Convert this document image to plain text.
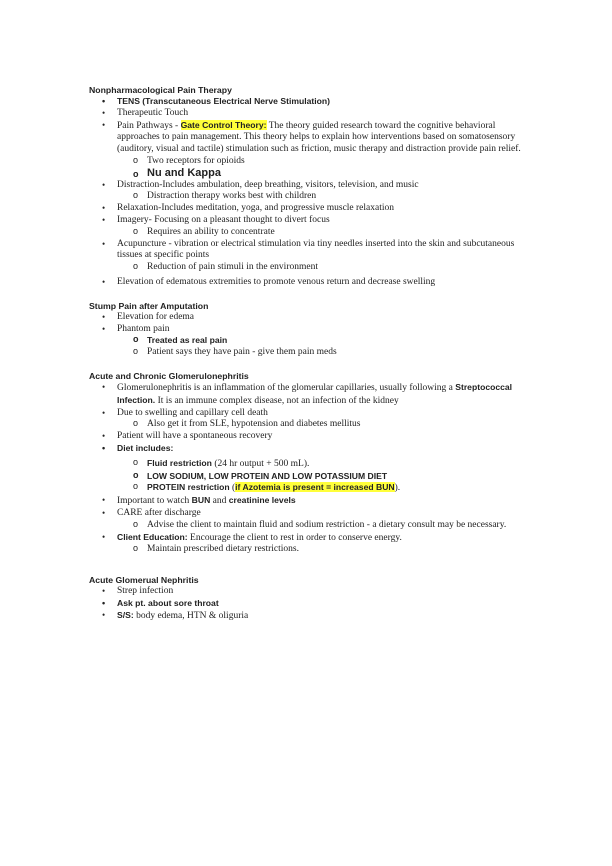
Nonpharmacological Pain Therapy

• TENS (Transcutaneous Electrical Nerve Stimulation)
• Therapeutic Touch
• Pain Pathways - Gate Control Theory: The theory guided research toward the cognitive behavioral approaches to pain management. This theory helps to explain how interventions based on somatosensory (auditory, visual and tactile) stimulation such as friction, music therapy and distraction provide pain relief.
o Two receptors for opioids
o Nu and Kappa
• Distraction-Includes ambulation, deep breathing, visitors, television, and music
o Distraction therapy works best with children
• Relaxation-Includes meditation, yoga, and progressive muscle relaxation
• Imagery- Focusing on a pleasant thought to divert focus
o Requires an ability to concentrate
• Acupuncture - vibration or electrical stimulation via tiny needles inserted into the skin and subcutaneous tissues at specific points
o Reduction of pain stimuli in the environment
• Elevation of edematous extremities to promote venous return and decrease swelling

Stump Pain after Amputation

• Elevation for edema
• Phantom pain
o Treated as real pain
o Patient says they have pain - give them pain meds

Acute and Chronic Glomerulonephritis

• Glomerulonephritis is an inflammation of the glomerular capillaries, usually following a Streptococcal Infection. It is an immune complex disease, not an infection of the kidney
• Due to swelling and capillary cell death
o Also get it from SLE, hypotension and diabetes mellitus
• Patient will have a spontaneous recovery
• Diet includes:
o Fluid restriction (24 hr output + 500 mL).
o LOW SODIUM, LOW PROTEIN AND LOW POTASSIUM DIET
o PROTEIN restriction (if Azotemia is present = increased BUN).
• Important to watch BUN and creatinine levels
• CARE after discharge
o Advise the client to maintain fluid and sodium restriction - a dietary consult may be necessary.
• Client Education: Encourage the client to rest in order to conserve energy.
o Maintain prescribed dietary restrictions.

Acute Glomerual Nephritis

• Strep infection
• Ask pt. about sore throat
• S/S: body edema, HTN & oliguria
